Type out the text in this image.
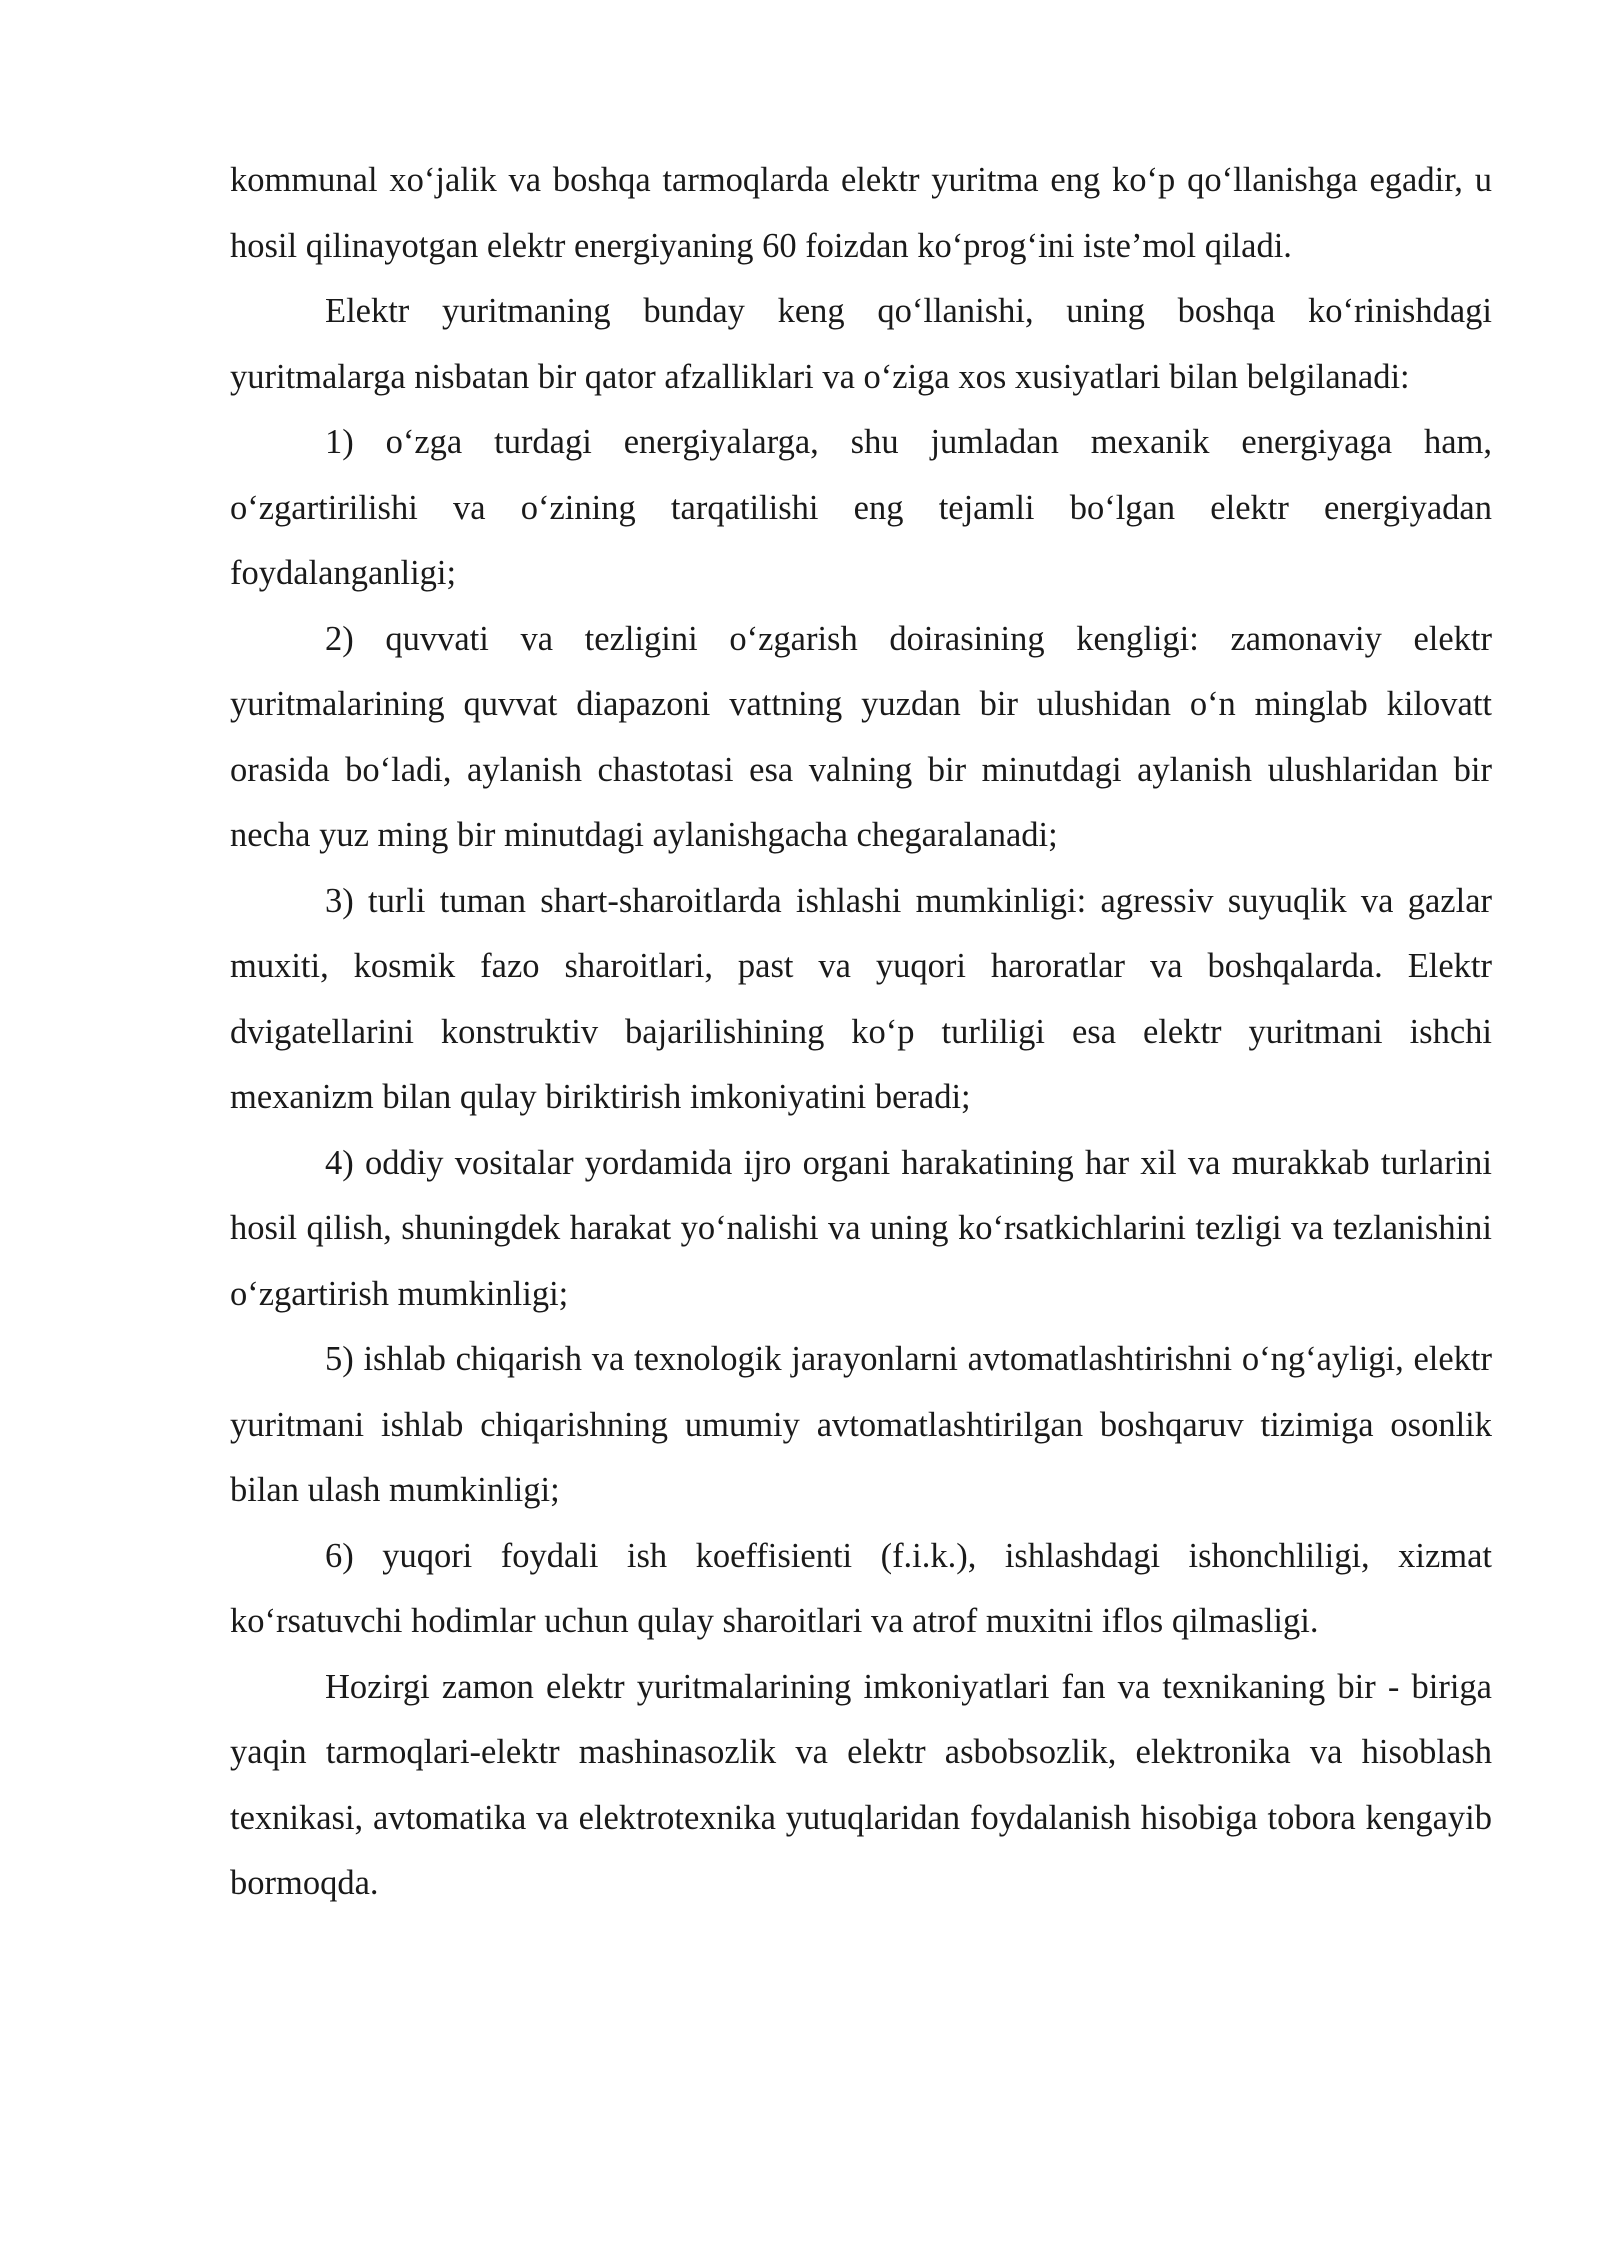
kommunal xo‘jalik va boshqa tarmoqlarda elektr yuritma eng ko‘p qo‘llanishga egadir, u hosil qilinayotgan elektr energiyaning 60 foizdan ko‘prog‘ini iste’mol qiladi.

Elektr yuritmaning bunday keng qo‘llanishi, uning boshqa ko‘rinishdagi yuritmalarga nisbatan bir qator afzalliklari va o‘ziga xos xusiyatlari bilan belgilanadi:

1) o‘zga turdagi energiyalarga, shu jumladan mexanik energiyaga ham, o‘zgartirilishi va o‘zining tarqatilishi eng tejamli bo‘lgan elektr energiyadan foydalanganligi;

2) quvvati va tezligini o‘zgarish doirasining kengligi: zamonaviy elektr yuritmalarining quvvat diapazoni vattning yuzdan bir ulushidan o‘n minglab kilovatt orasida bo‘ladi, aylanish chastotasi esa valning bir minutdagi aylanish ulushlaridan bir necha yuz ming bir minutdagi aylanishgacha chegaralanadi;

3) turli tuman shart-sharoitlarda ishlashi mumkinligi: agressiv suyuqlik va gazlar muxiti, kosmik fazo sharoitlari, past va yuqori haroratlar va boshqalarda. Elektr dvigatellarini konstruktiv bajarilishining ko‘p turliligi esa elektr yuritmani ishchi mexanizm bilan qulay biriktirish imkoniyatini beradi;

4) oddiy vositalar yordamida ijro organi harakatining har xil va murakkab turlarini hosil qilish, shuningdek harakat yo‘nalishi va uning ko‘rsatkichlarini tezligi va tezlanishini o‘zgartirish mumkinligi;

5) ishlab chiqarish va texnologik jarayonlarni avtomatlashtirishni o‘ng‘ayligi, elektr yuritmani ishlab chiqarishning umumiy avtomatlashtirilgan boshqaruv tizimiga osonlik bilan ulash mumkinligi;

6) yuqori foydali ish koeffisienti (f.i.k.), ishlashdagi ishonchliligi, xizmat ko‘rsatuvchi hodimlar uchun qulay sharoitlari va atrof muxitni iflos qilmasligi.

Hozirgi zamon elektr yuritmalarining imkoniyatlari fan va texnikaning bir - biriga yaqin tarmoqlari-elektr mashinasozlik va elektr asbobsozlik, elektronika va hisoblash texnikasi, avtomatika va elektrotexnika yutuqlaridan foydalanish hisobiga tobora kengayib bormoqda.
